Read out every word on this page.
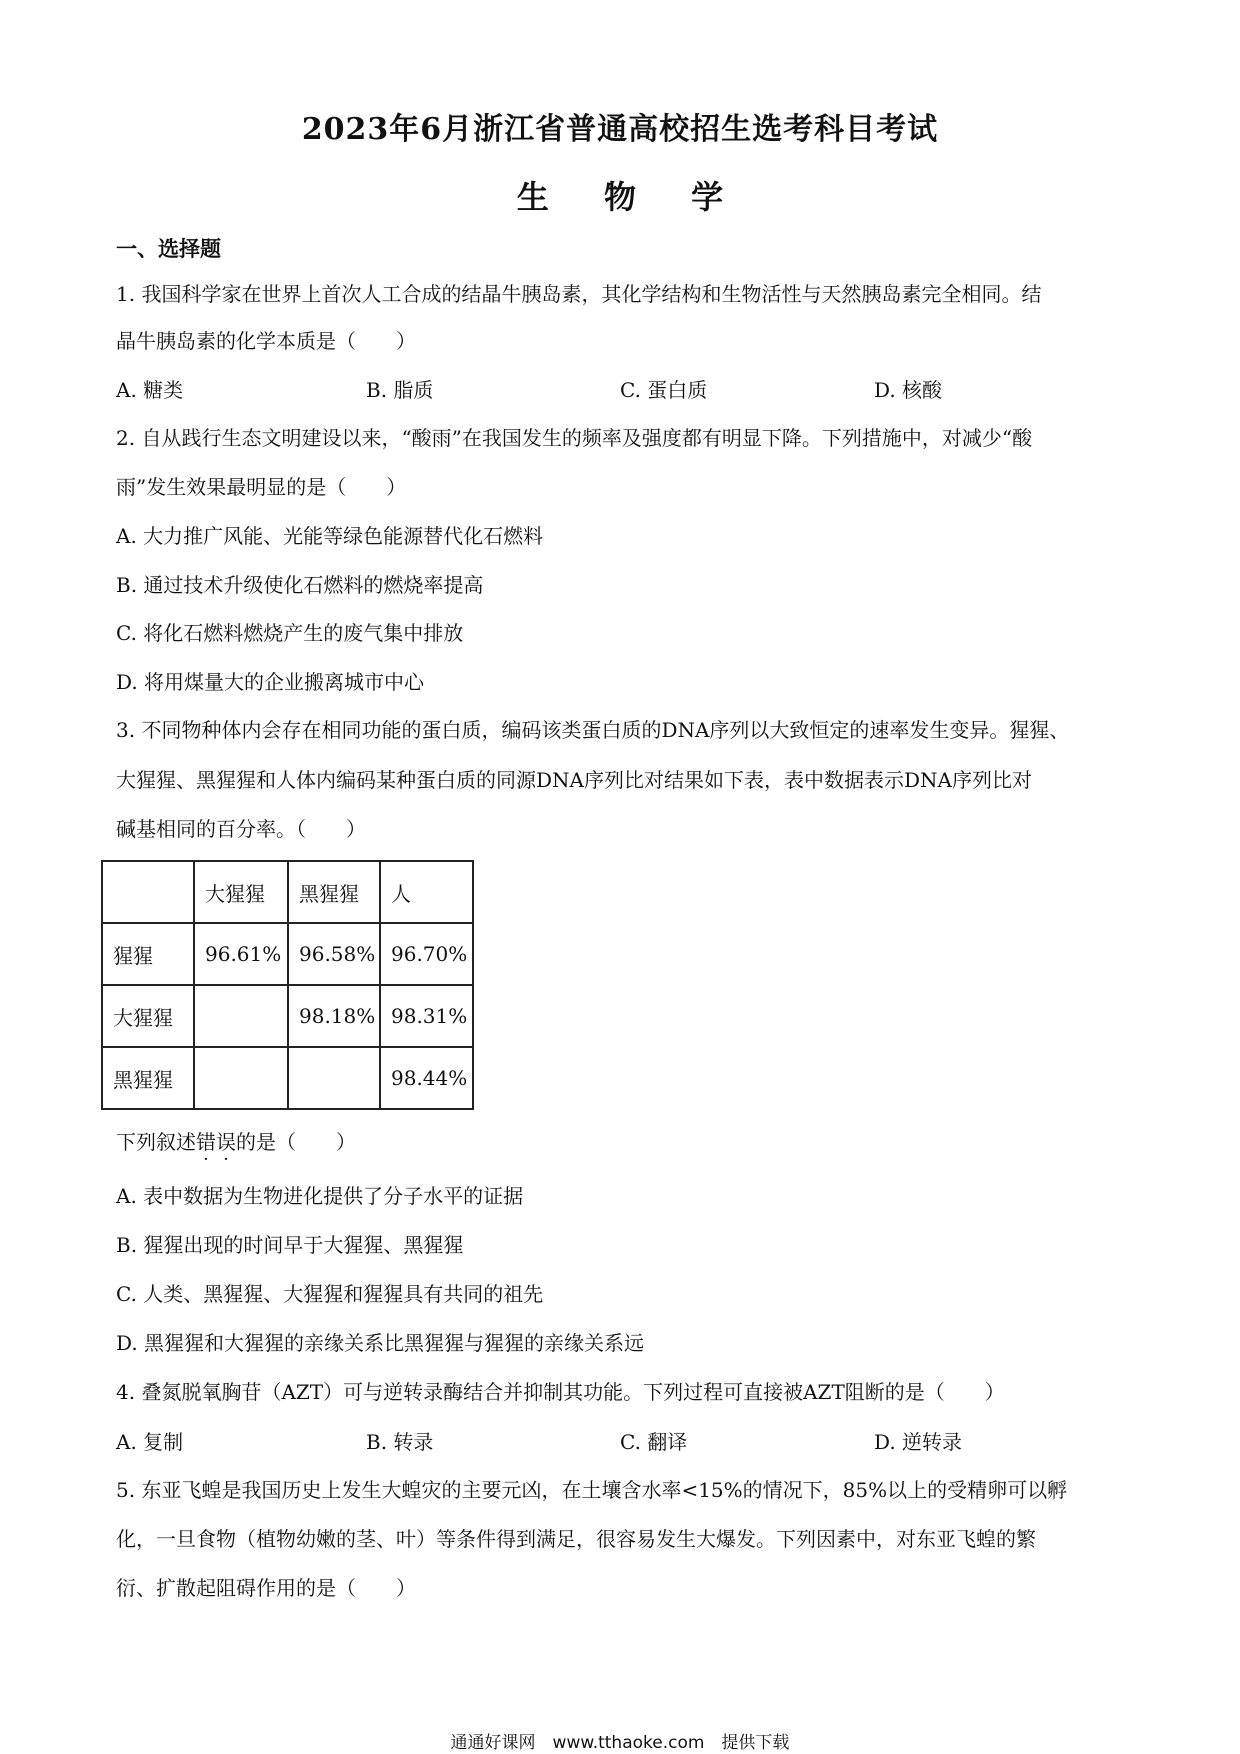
2023年6月浙江省普通高校招生选考科目考试
生 物 学
一、选择题
1. 我国科学家在世界上首次人工合成的结晶牛胰岛素，其化学结构和生物活性与天然胰岛素完全相同。结
晶牛胰岛素的化学本质是（　　）
A. 糖类	B. 脂质	C. 蛋白质	D. 核酸
2. 自从践行生态文明建设以来，“酸雨”在我国发生的频率及强度都有明显下降。下列措施中，对减少“酸
雨”发生效果最明显的是（　　）
A. 大力推广风能、光能等绿色能源替代化石燃料
B. 通过技术升级使化石燃料的燃烧率提高
C. 将化石燃料燃烧产生的废气集中排放
D. 将用煤量大的企业搬离城市中心
3. 不同物种体内会存在相同功能的蛋白质，编码该类蛋白质的DNA序列以大致恒定的速率发生变异。猩猩、
大猩猩、黑猩猩和人体内编码某种蛋白质的同源DNA序列比对结果如下表，表中数据表示DNA序列比对
碱基相同的百分率。（　　）
	大猩猩	黑猩猩	人
猩猩	96.61%	96.58%	96.70%
大猩猩		98.18%	98.31%
黑猩猩			98.44%
下列叙述错误的是（　　）
A. 表中数据为生物进化提供了分子水平的证据
B. 猩猩出现的时间早于大猩猩、黑猩猩
C. 人类、黑猩猩、大猩猩和猩猩具有共同的祖先
D. 黑猩猩和大猩猩的亲缘关系比黑猩猩与猩猩的亲缘关系远
4. 叠氮脱氧胸苷（AZT）可与逆转录酶结合并抑制其功能。下列过程可直接被AZT阻断的是（　　）
A. 复制	B. 转录	C. 翻译	D. 逆转录
5. 东亚飞蝗是我国历史上发生大蝗灾的主要元凶，在土壤含水率<15%的情况下，85%以上的受精卵可以孵
化，一旦食物（植物幼嫩的茎、叶）等条件得到满足，很容易发生大爆发。下列因素中，对东亚飞蝗的繁
衍、扩散起阻碍作用的是（　　）
通通好课网　www.tthaoke.com　提供下载
